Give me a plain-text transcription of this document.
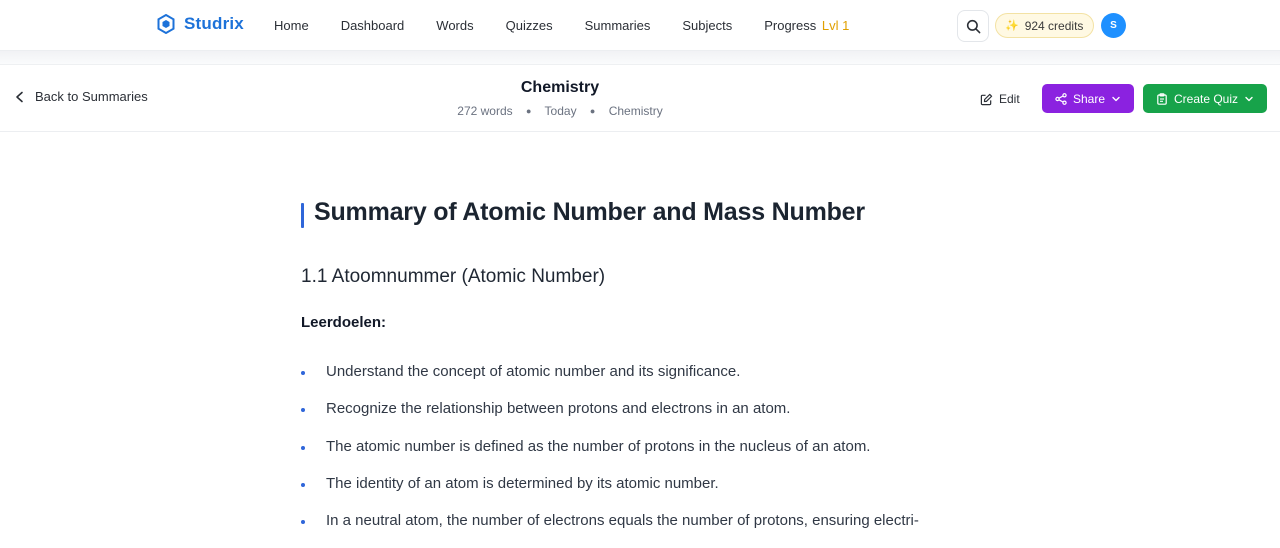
Studrix Home Dashboard Words Quizzes Summaries Subjects Progress Lvl 1	✨ 924 credits	S
Back to Summaries
Chemistry
272 words ● Today ● Chemistry
Edit	Share	Create Quiz
Summary of Atomic Number and Mass Number
1.1 Atoomnummer (Atomic Number)
Leerdoelen:
Understand the concept of atomic number and its significance.
Recognize the relationship between protons and electrons in an atom.
The atomic number is defined as the number of protons in the nucleus of an atom.
The identity of an atom is determined by its atomic number.
In a neutral atom, the number of electrons equals the number of protons, ensuring electri-
